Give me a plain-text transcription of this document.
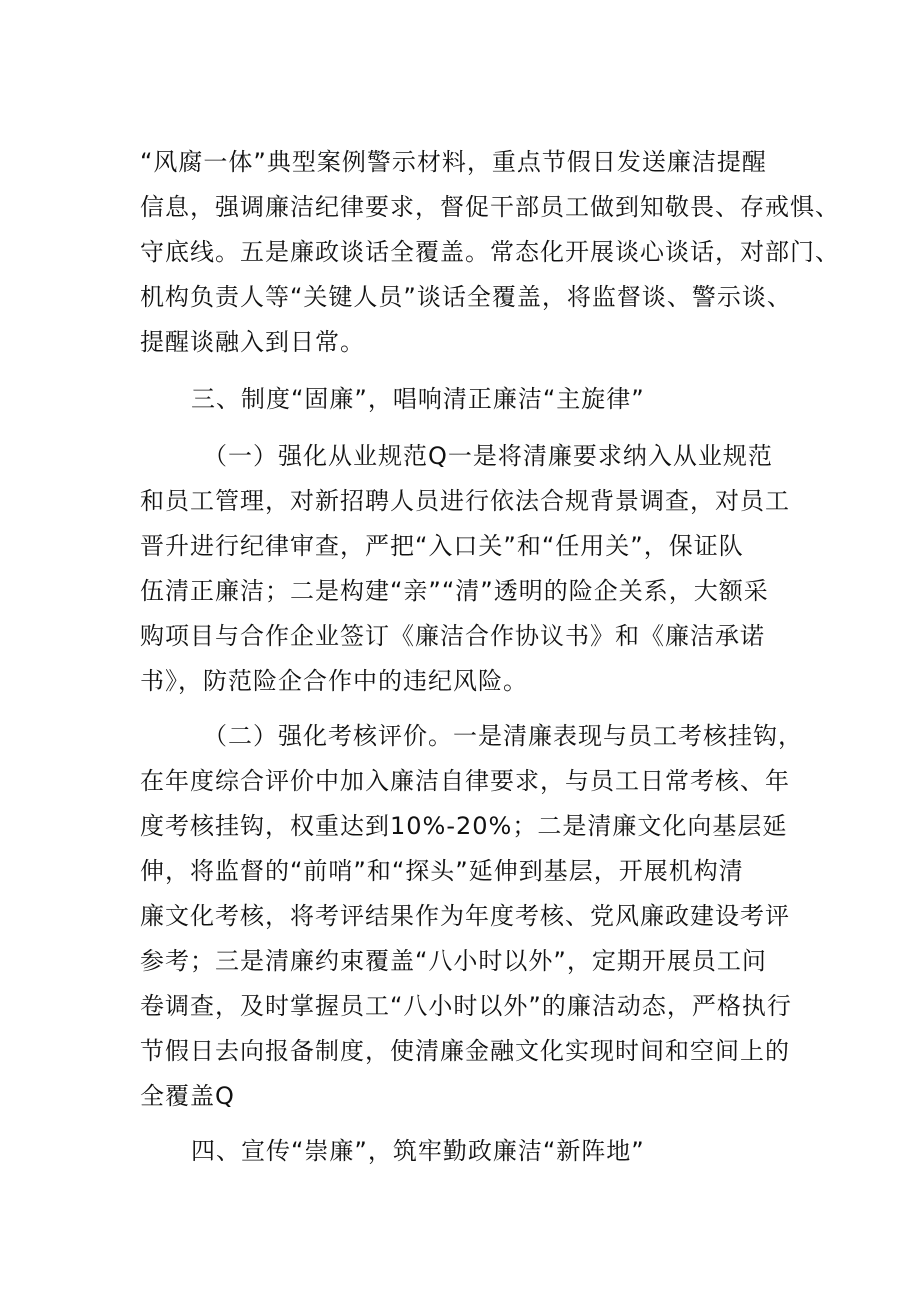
“风腐一体”典型案例警示材料，重点节假日发送廉洁提醒

信息，强调廉洁纪律要求，督促干部员工做到知敬畏、存戒惧、

守底线。五是廉政谈话全覆盖。常态化开展谈心谈话，对部门、

机构负责人等“关键人员”谈话全覆盖，将监督谈、警示谈、

提醒谈融入到日常。

三、制度“固廉”，唱响清正廉洁“主旋律”

（一）强化从业规范Q一是将清廉要求纳入从业规范

和员工管理，对新招聘人员进行依法合规背景调查，对员工

晋升进行纪律审查，严把“入口关”和“任用关”，保证队

伍清正廉洁；二是构建“亲”“清”透明的险企关系，大额采

购项目与合作企业签订《廉洁合作协议书》和《廉洁承诺

书》，防范险企合作中的违纪风险。

（二）强化考核评价。一是清廉表现与员工考核挂钩，

在年度综合评价中加入廉洁自律要求，与员工日常考核、年

度考核挂钩，权重达到10%-20%；二是清廉文化向基层延

伸，将监督的“前哨”和“探头”延伸到基层，开展机构清

廉文化考核，将考评结果作为年度考核、党风廉政建设考评

参考；三是清廉约束覆盖“八小时以外”，定期开展员工问

卷调查，及时掌握员工“八小时以外”的廉洁动态，严格执行

节假日去向报备制度，使清廉金融文化实现时间和空间上的

全覆盖Q

四、宣传“崇廉”，筑牢勤政廉洁“新阵地”
